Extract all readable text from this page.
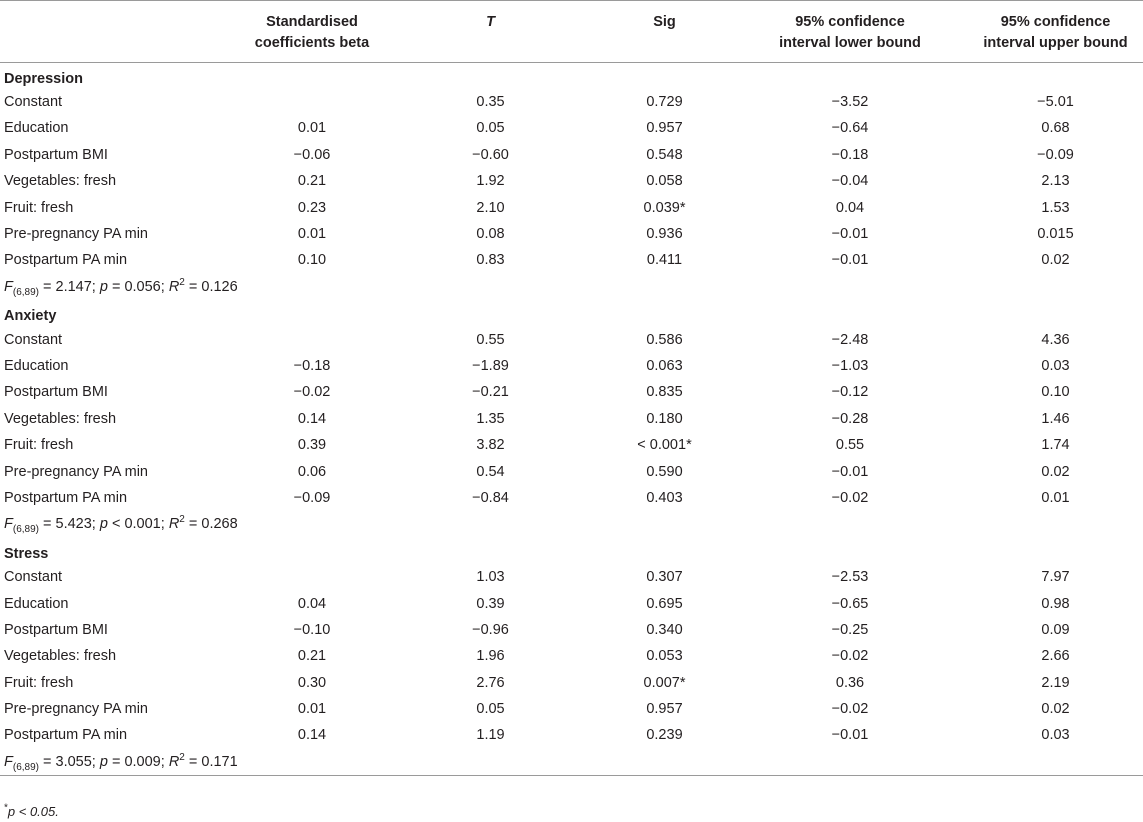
	Standardised
coefficients beta	T	Sig	95% confidence
interval lower bound	95% confidence
interval upper bound
Depression					
Constant		0.35	0.729	−3.52	−5.01
Education	0.01	0.05	0.957	−0.64	0.68
Postpartum BMI	−0.06	−0.60	0.548	−0.18	−0.09
Vegetables: fresh	0.21	1.92	0.058	−0.04	2.13
Fruit: fresh	0.23	2.10	0.039*	0.04	1.53
Pre-pregnancy PA min	0.01	0.08	0.936	−0.01	0.015
Postpartum PA min	0.10	0.83	0.411	−0.01	0.02
$F_{(6,89)} = 2.147$; p = 0.056; $R^2 = 0.126$					
Anxiety					
Constant		0.55	0.586	−2.48	4.36
Education	−0.18	−1.89	0.063	−1.03	0.03
Postpartum BMI	−0.02	−0.21	0.835	−0.12	0.10
Vegetables: fresh	0.14	1.35	0.180	−0.28	1.46
Fruit: fresh	0.39	3.82	< 0.001*	0.55	1.74
Pre-pregnancy PA min	0.06	0.54	0.590	−0.01	0.02
Postpartum PA min	−0.09	−0.84	0.403	−0.02	0.01
$F_{(6,89)} = 5.423$; p < 0.001; $R^2 = 0.268$					
Stress					
Constant		1.03	0.307	−2.53	7.97
Education	0.04	0.39	0.695	−0.65	0.98
Postpartum BMI	−0.10	−0.96	0.340	−0.25	0.09
Vegetables: fresh	0.21	1.96	0.053	−0.02	2.66
Fruit: fresh	0.30	2.76	0.007*	0.36	2.19
Pre-pregnancy PA min	0.01	0.05	0.957	−0.02	0.02
Postpartum PA min	0.14	1.19	0.239	−0.01	0.03
$F_{(6,89)} = 3.055$; p = 0.009; $R^2 = 0.171$					
*p < 0.05.
